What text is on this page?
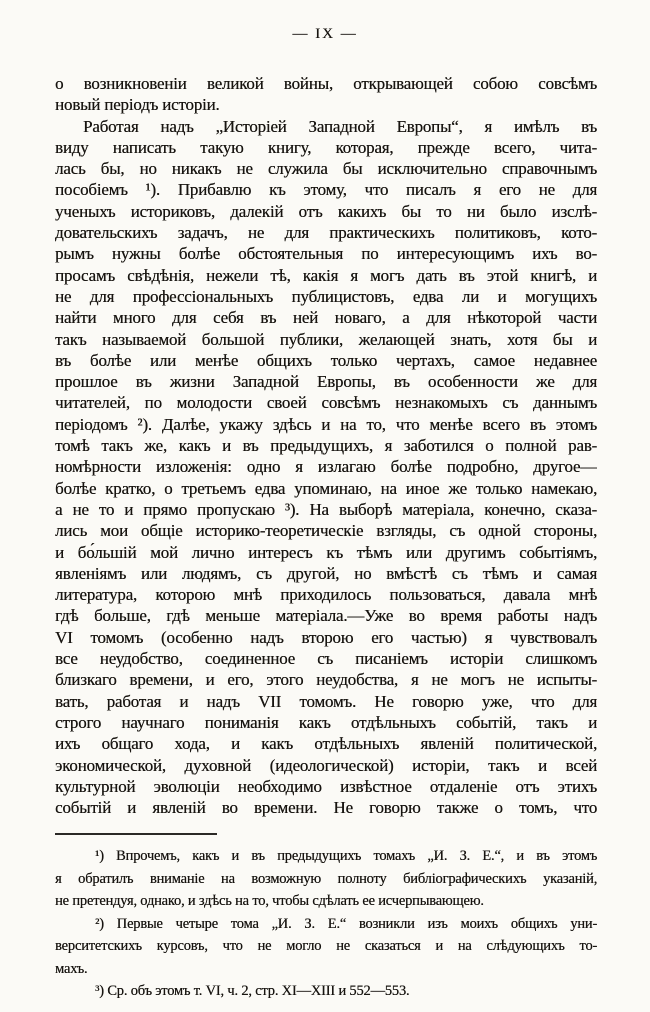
— IX —
о возникновеніи великой войны, открывающей собою совсѣмъ
новый періодъ исторіи.
Работая надъ „Исторіей Западной Европы“, я имѣлъ въ
виду написать такую книгу, которая, прежде всего, чита-
лась бы, но никакъ не служила бы исключительно справочнымъ
пособіемъ ¹). Прибавлю къ этому, что писалъ я его не для
ученыхъ историковъ, далекій отъ какихъ бы то ни было изслѣ-
довательскихъ задачъ, не для практическихъ политиковъ, кото-
рымъ нужны болѣе обстоятельныя по интересующимъ ихъ во-
просамъ свѣдѣнія, нежели тѣ, какія я могъ дать въ этой книгѣ, и
не для профессіональныхъ публицистовъ, едва ли и могущихъ
найти много для себя въ ней новаго, а для нѣкоторой части
такъ называемой большой публики, желающей знать, хотя бы и
въ болѣе или менѣе общихъ только чертахъ, самое недавнее
прошлое въ жизни Западной Европы, въ особенности же для
читателей, по молодости своей совсѣмъ незнакомыхъ съ даннымъ
періодомъ ²). Далѣе, укажу здѣсь и на то, что менѣе всего въ этомъ
томѣ такъ же, какъ и въ предыдущихъ, я заботился о полной рав-
номѣрности изложенія: одно я излагаю болѣе подробно, другое—
болѣе кратко, о третьемъ едва упоминаю, на иное же только намекаю,
а не то и прямо пропускаю ³). На выборѣ матеріала, конечно, сказа-
лись мои общіе историко-теоретическіе взгляды, съ одной стороны,
и бо́льшій мой лично интересъ къ тѣмъ или другимъ событіямъ,
явленіямъ или людямъ, съ другой, но вмѣстѣ съ тѣмъ и самая
литература, которою мнѣ приходилось пользоваться, давала мнѣ
гдѣ больше, гдѣ меньше матеріала.—Уже во время работы надъ
VI томомъ (особенно надъ второю его частью) я чувствовалъ
все неудобство, соединенное съ писаніемъ исторіи слишкомъ
близкаго времени, и его, этого неудобства, я не могъ не испыты-
вать, работая и надъ VII томомъ. Не говорю уже, что для
строго научнаго пониманія какъ отдѣльныхъ событій, такъ и
ихъ общаго хода, и какъ отдѣльныхъ явленій политической,
экономической, духовной (идеологической) исторіи, такъ и всей
культурной эволюціи необходимо извѣстное отдаленіе отъ этихъ
событій и явленій во времени. Не говорю также о томъ, что
¹) Впрочемъ, какъ и въ предыдущихъ томахъ „И. З. Е.“, и въ этомъ
я обратилъ вниманіе на возможную полноту библіографическихъ указаній,
не претендуя, однако, и здѣсь на то, чтобы сдѣлать ее исчерпывающею.
²) Первые четыре тома „И. З. Е.“ возникли изъ моихъ общихъ уни-
верситетскихъ курсовъ, что не могло не сказаться и на слѣдующихъ то-
махъ.
³) Ср. объ этомъ т. VI, ч. 2, стр. XI—XIII и 552—553.
